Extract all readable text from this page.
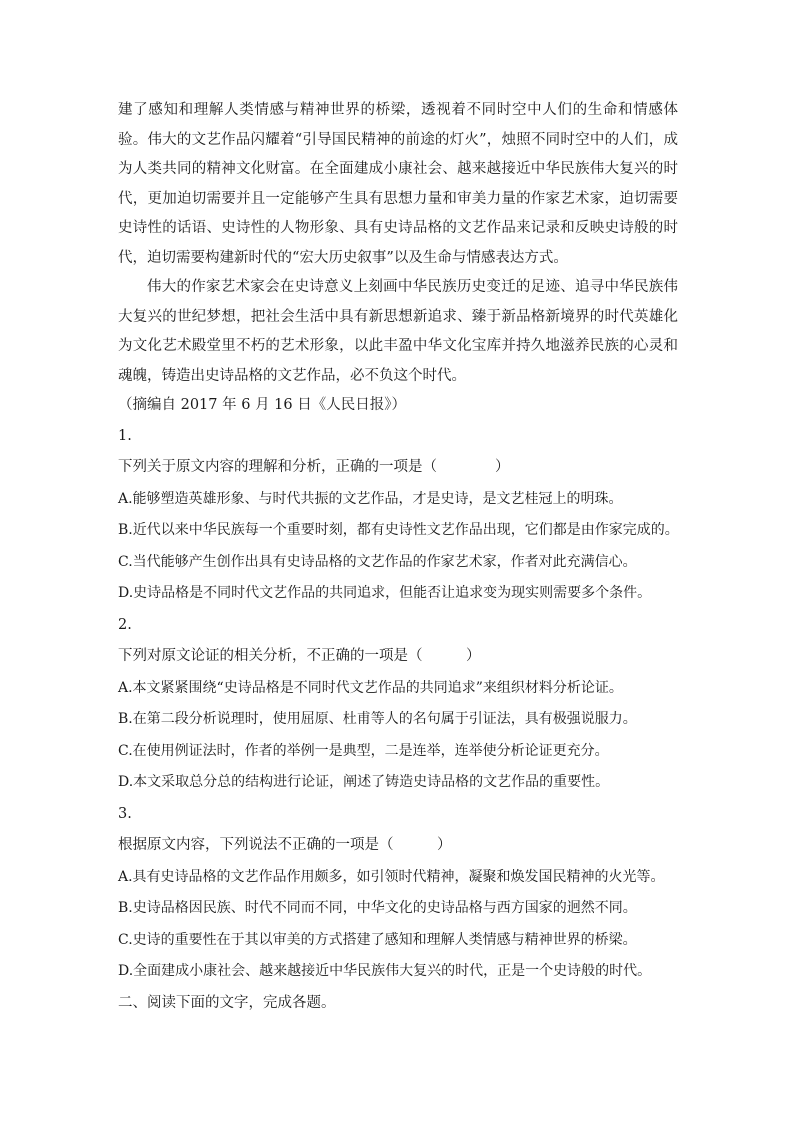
建了感知和理解人类情感与精神世界的桥梁，透视着不同时空中人们的生命和情感体验。伟大的文艺作品闪耀着“引导国民精神的前途的灯火”，烛照不同时空中的人们，成为人类共同的精神文化财富。在全面建成小康社会、越来越接近中华民族伟大复兴的时代，更加迫切需要并且一定能够产生具有思想力量和审美力量的作家艺术家，迫切需要史诗性的话语、史诗性的人物形象、具有史诗品格的文艺作品来记录和反映史诗般的时代，迫切需要构建新时代的“宏大历史叙事”以及生命与情感表达方式。

伟大的作家艺术家会在史诗意义上刻画中华民族历史变迁的足迹、追寻中华民族伟大复兴的世纪梦想，把社会生活中具有新思想新追求、臻于新品格新境界的时代英雄化为文化艺术殿堂里不朽的艺术形象，以此丰盈中华文化宝库并持久地滋养民族的心灵和魂魄，铸造出史诗品格的文艺作品，必不负这个时代。

（摘编自 2017 年 6 月 16 日《人民日报》）

1.

下列关于原文内容的理解和分析，正确的一项是（　　　　）

A.能够塑造英雄形象、与时代共振的文艺作品，才是史诗，是文艺桂冠上的明珠。

B.近代以来中华民族每一个重要时刻，都有史诗性文艺作品出现，它们都是由作家完成的。

C.当代能够产生创作出具有史诗品格的文艺作品的作家艺术家，作者对此充满信心。

D.史诗品格是不同时代文艺作品的共同追求，但能否让追求变为现实则需要多个条件。

2.

下列对原文论证的相关分析，不正确的一项是（　　　）

A.本文紧紧围绕“史诗品格是不同时代文艺作品的共同追求”来组织材料分析论证。

B.在第二段分析说理时，使用屈原、杜甫等人的名句属于引证法，具有极强说服力。

C.在使用例证法时，作者的举例一是典型，二是连举，连举使分析论证更充分。

D.本文采取总分总的结构进行论证，阐述了铸造史诗品格的文艺作品的重要性。

3.

根据原文内容，下列说法不正确的一项是（　　　）

A.具有史诗品格的文艺作品作用颇多，如引领时代精神，凝聚和焕发国民精神的火光等。

B.史诗品格因民族、时代不同而不同，中华文化的史诗品格与西方国家的迥然不同。

C.史诗的重要性在于其以审美的方式搭建了感知和理解人类情感与精神世界的桥梁。

D.全面建成小康社会、越来越接近中华民族伟大复兴的时代，正是一个史诗般的时代。

二、阅读下面的文字，完成各题。
